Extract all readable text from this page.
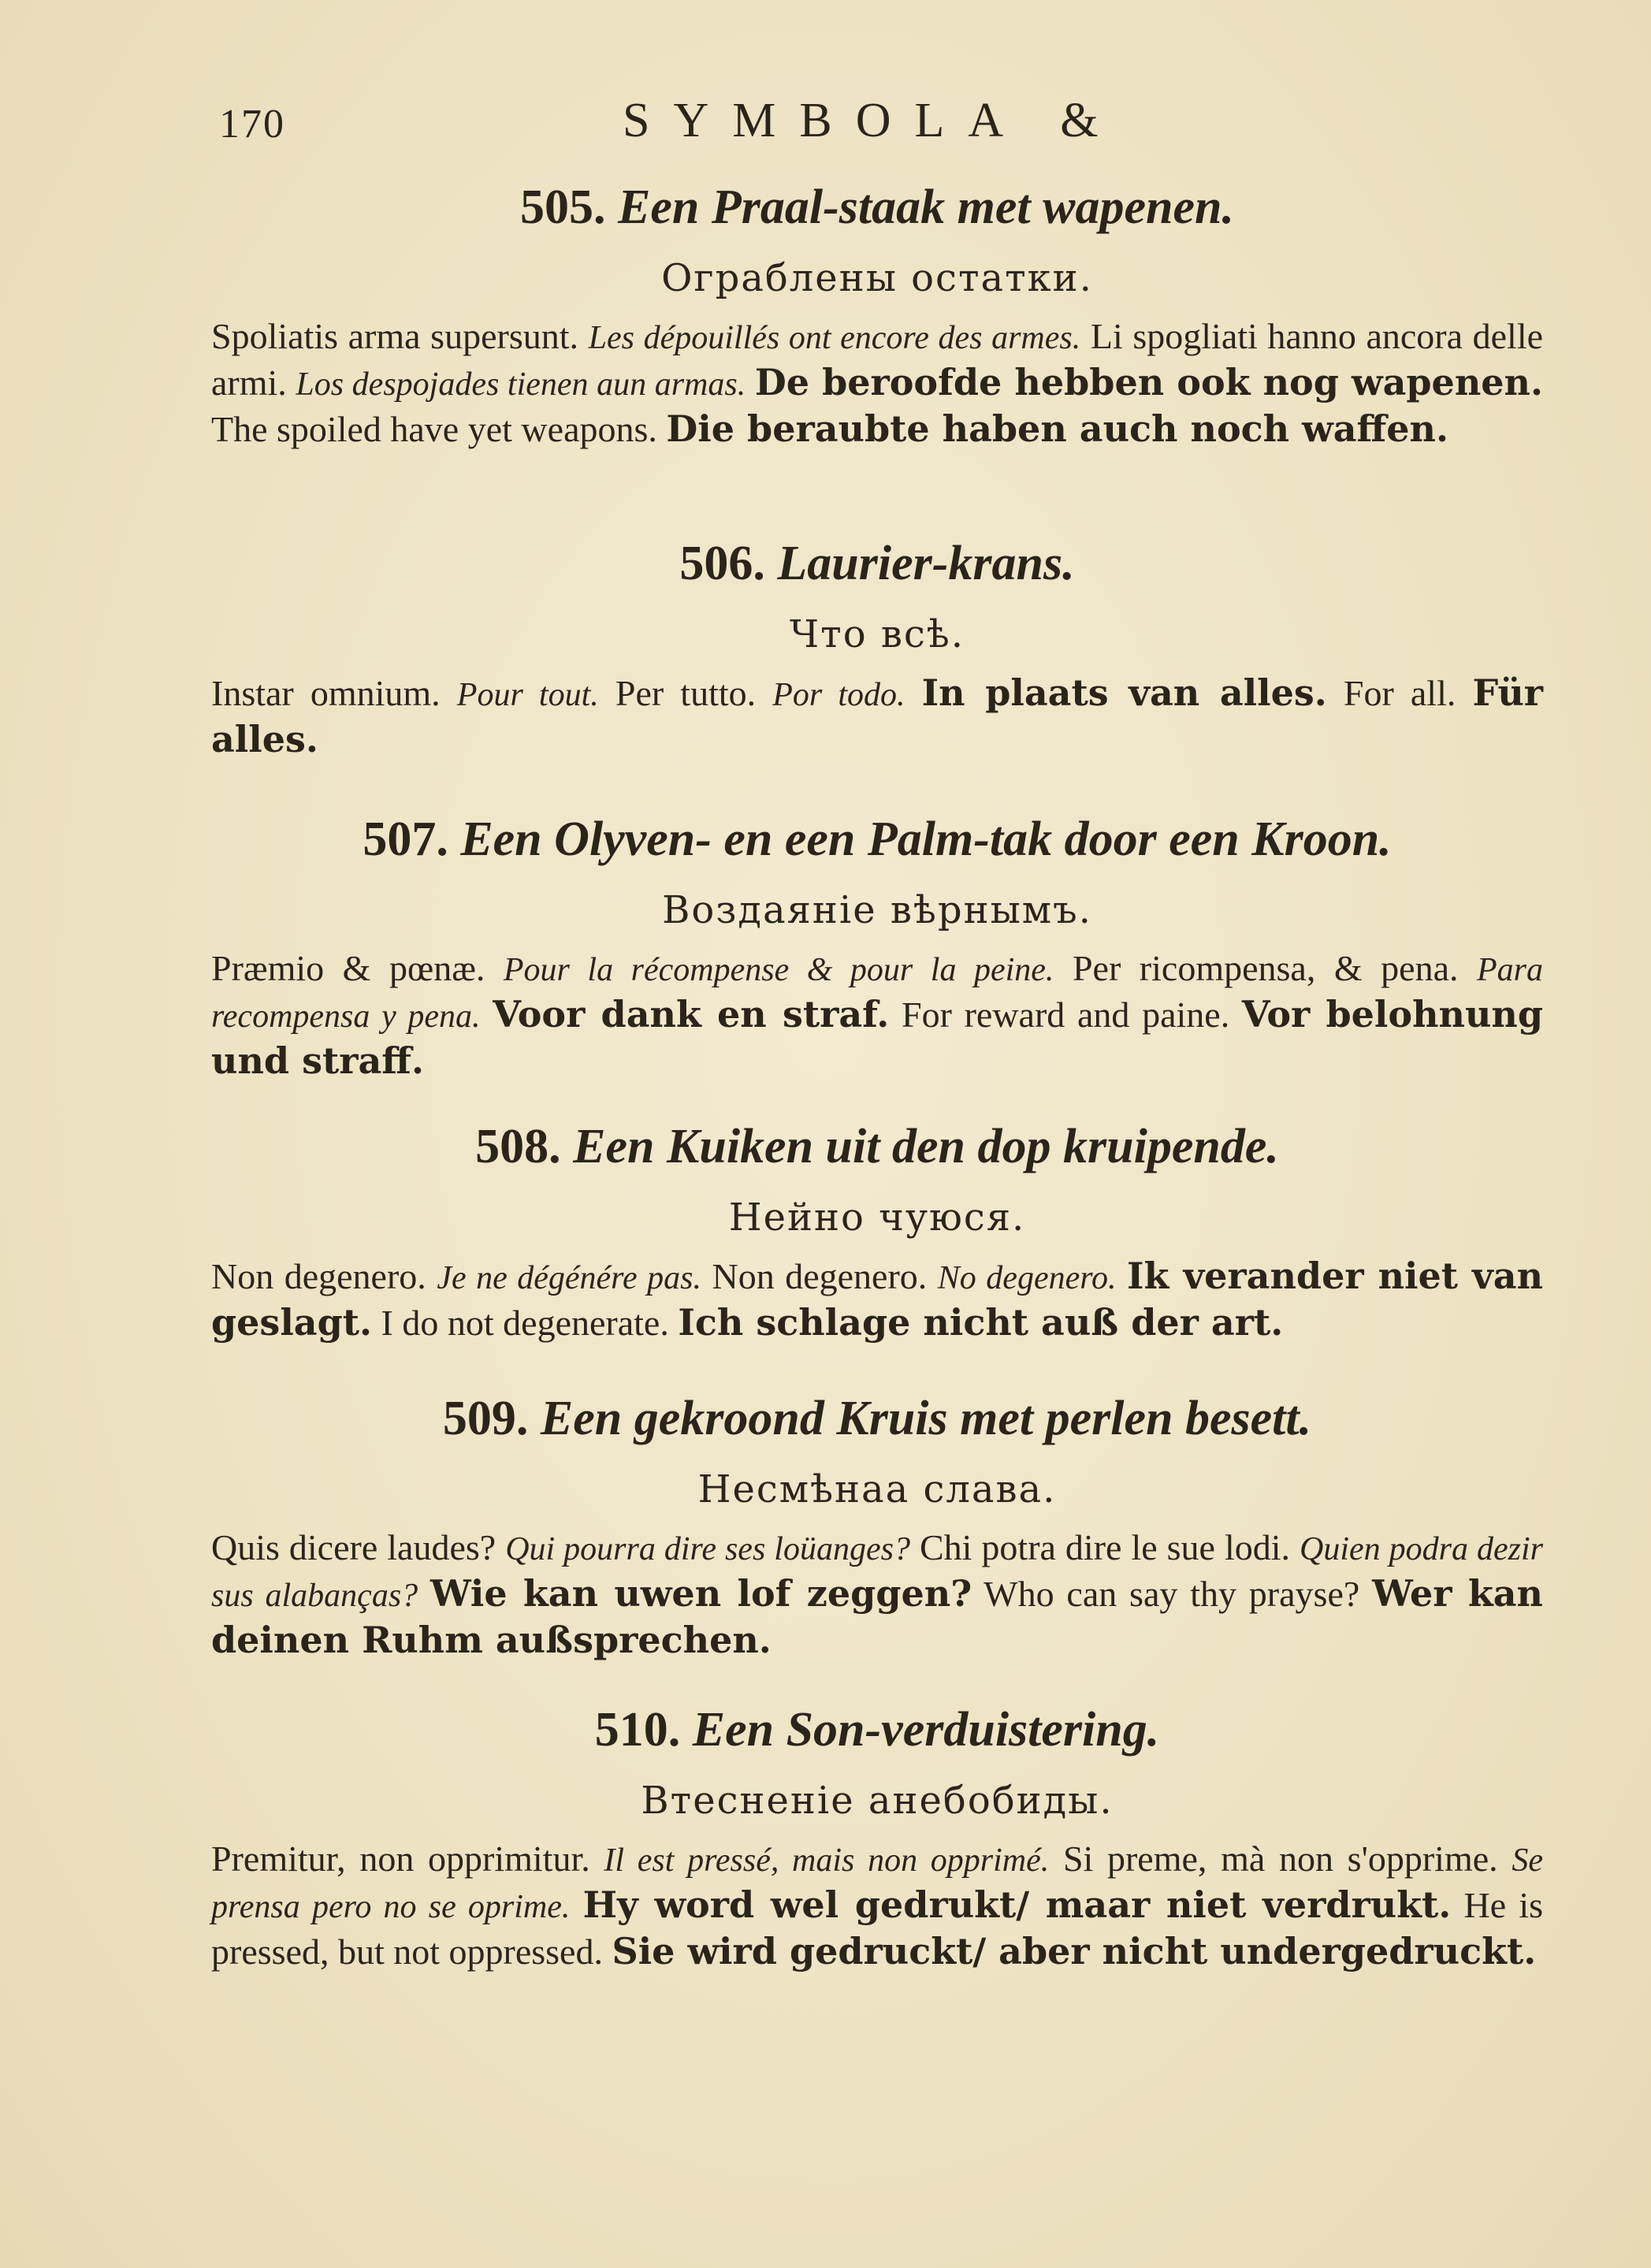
170	SYMBOLA &
505. Een Praal-staak met wapenen.
Ограблены остатки.

Spoliatis arma supersunt. Les dépouillés ont encore des armes. Li spogliati hanno ancora delle armi. Los despojades tienen aun armas. De beroofde hebben ook nog wapenen. The spoiled have yet weapons. Die beraubte haben auch noch waffen.

506. Laurier-krans.
Что всѣ.

Instar omnium. Pour tout. Per tutto. Por todo. In plaats van alles. For all. Für alles.

507. Een Olyven- en een Palm-tak door een Kroon.
Воздаяніе вѣрнымъ.

Præmio & pœnæ. Pour la récompense & pour la peine. Per ricompensa, & pena. Para recompensa y pena. Voor dank en straf. For reward and paine. Vor belohnung und straff.

508. Een Kuiken uit den dop kruipende.
Нейно чуюся.

Non degenero. Je ne dégénére pas. Non degenero. No degenero. Ik verander niet van geslagt. I do not degenerate. Ich schlage nicht auß der art.

509. Een gekroond Kruis met perlen besett.
Несмѣнаа слава.

Quis dicere laudes? Qui pourra dire ses loüanges? Chi potra dire le sue lodi. Quien podra dezir sus alabanças? Wie kan uwen lof zeggen? Who can say thy prayse? Wer kan deinen Ruhm außsprechen.

510. Een Son-verduistering.
Втесненіе анебобиды.

Premitur, non opprimitur. Il est pressé, mais non opprimé. Si preme, mà non s'opprime. Se prensa pero no se oprime. Hy word wel gedrukt/ maar niet verdrukt. He is pressed, but not oppressed. Sie wird gedruckt/ aber nicht undergedruckt.
